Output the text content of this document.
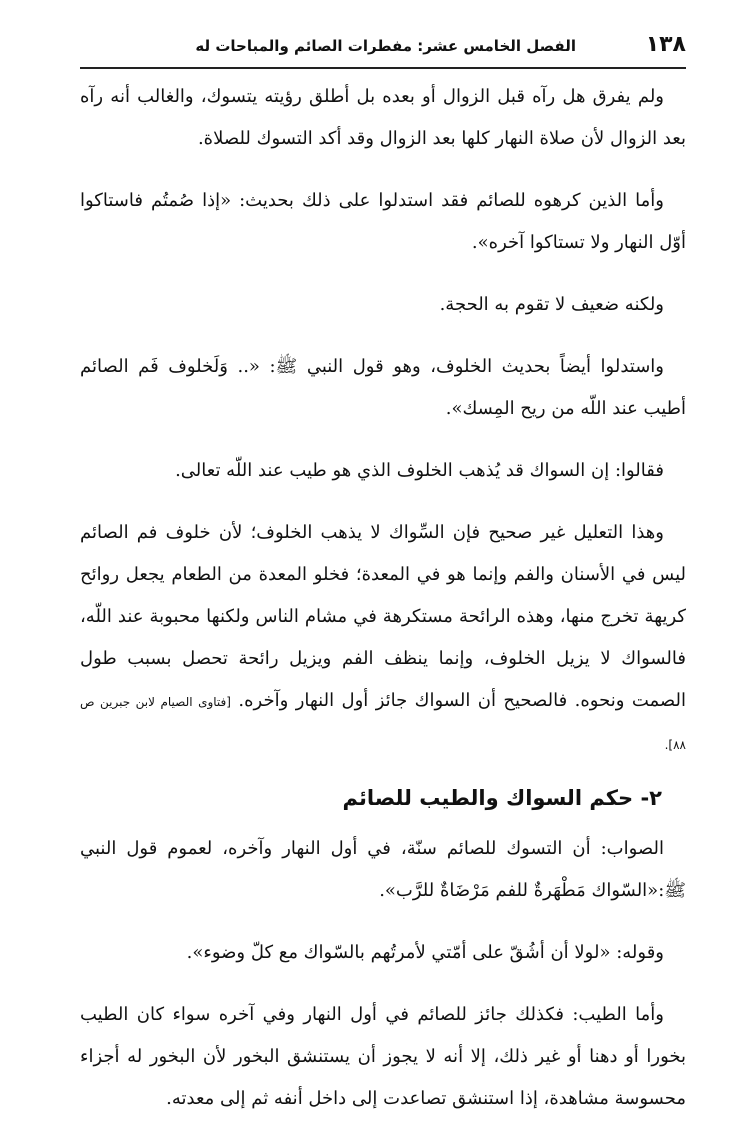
١٣٨
الفصل الخامس عشر: مفطرات الصائم والمباحات له

ولم يفرق هل رآه قبل الزوال أو بعده بل أطلق رؤيته يتسوك، والغالب أنه رآه بعد الزوال لأن صلاة النهار كلها بعد الزوال وقد أكد التسوك للصلاة.

وأما الذين كرهوه للصائم فقد استدلوا على ذلك بحديث: «إذا صُمتُم فاستاكوا أوّل النهار ولا تستاكوا آخره».

ولكنه ضعيف لا تقوم به الحجة.

واستدلوا أيضاً بحديث الخلوف، وهو قول النبي ﷺ: «.. وَلَخلوف فَم الصائم أطيب عند اللّه من ريح المِسك».

فقالوا: إن السواك قد يُذهب الخلوف الذي هو طيب عند اللّه تعالى.

وهذا التعليل غير صحيح فإن السِّواك لا يذهب الخلوف؛ لأن خلوف فم الصائم ليس في الأسنان والفم وإنما هو في المعدة؛ فخلو المعدة من الطعام يجعل روائح كريهة تخرج منها، وهذه الرائحة مستكرهة في مشام الناس ولكنها محبوبة عند اللّه، فالسواك لا يزيل الخلوف، وإنما ينظف الفم ويزيل رائحة تحصل بسبب طول الصمت ونحوه. فالصحيح أن السواك جائز أول النهار وآخره. [فتاوى الصيام لابن جبرين ص ٨٨].

٢- حكم السواك والطيب للصائم

الصواب: أن التسوك للصائم سنّة، في أول النهار وآخره، لعموم قول النبي ﷺ:«السّواك مَطْهَرةٌ للفم مَرْضَاةٌ للرَّب».

وقوله: «لولا أن أشُقّ على أمّتي لأمرتُهم بالسّواك مع كلّ وضوء».

وأما الطيب: فكذلك جائز للصائم في أول النهار وفي آخره سواء كان الطيب بخورا أو دهنا أو غير ذلك، إلا أنه لا يجوز أن يستنشق البخور لأن البخور له أجزاء محسوسة مشاهدة، إذا استنشق تصاعدت إلى داخل أنفه ثم إلى معدته.
